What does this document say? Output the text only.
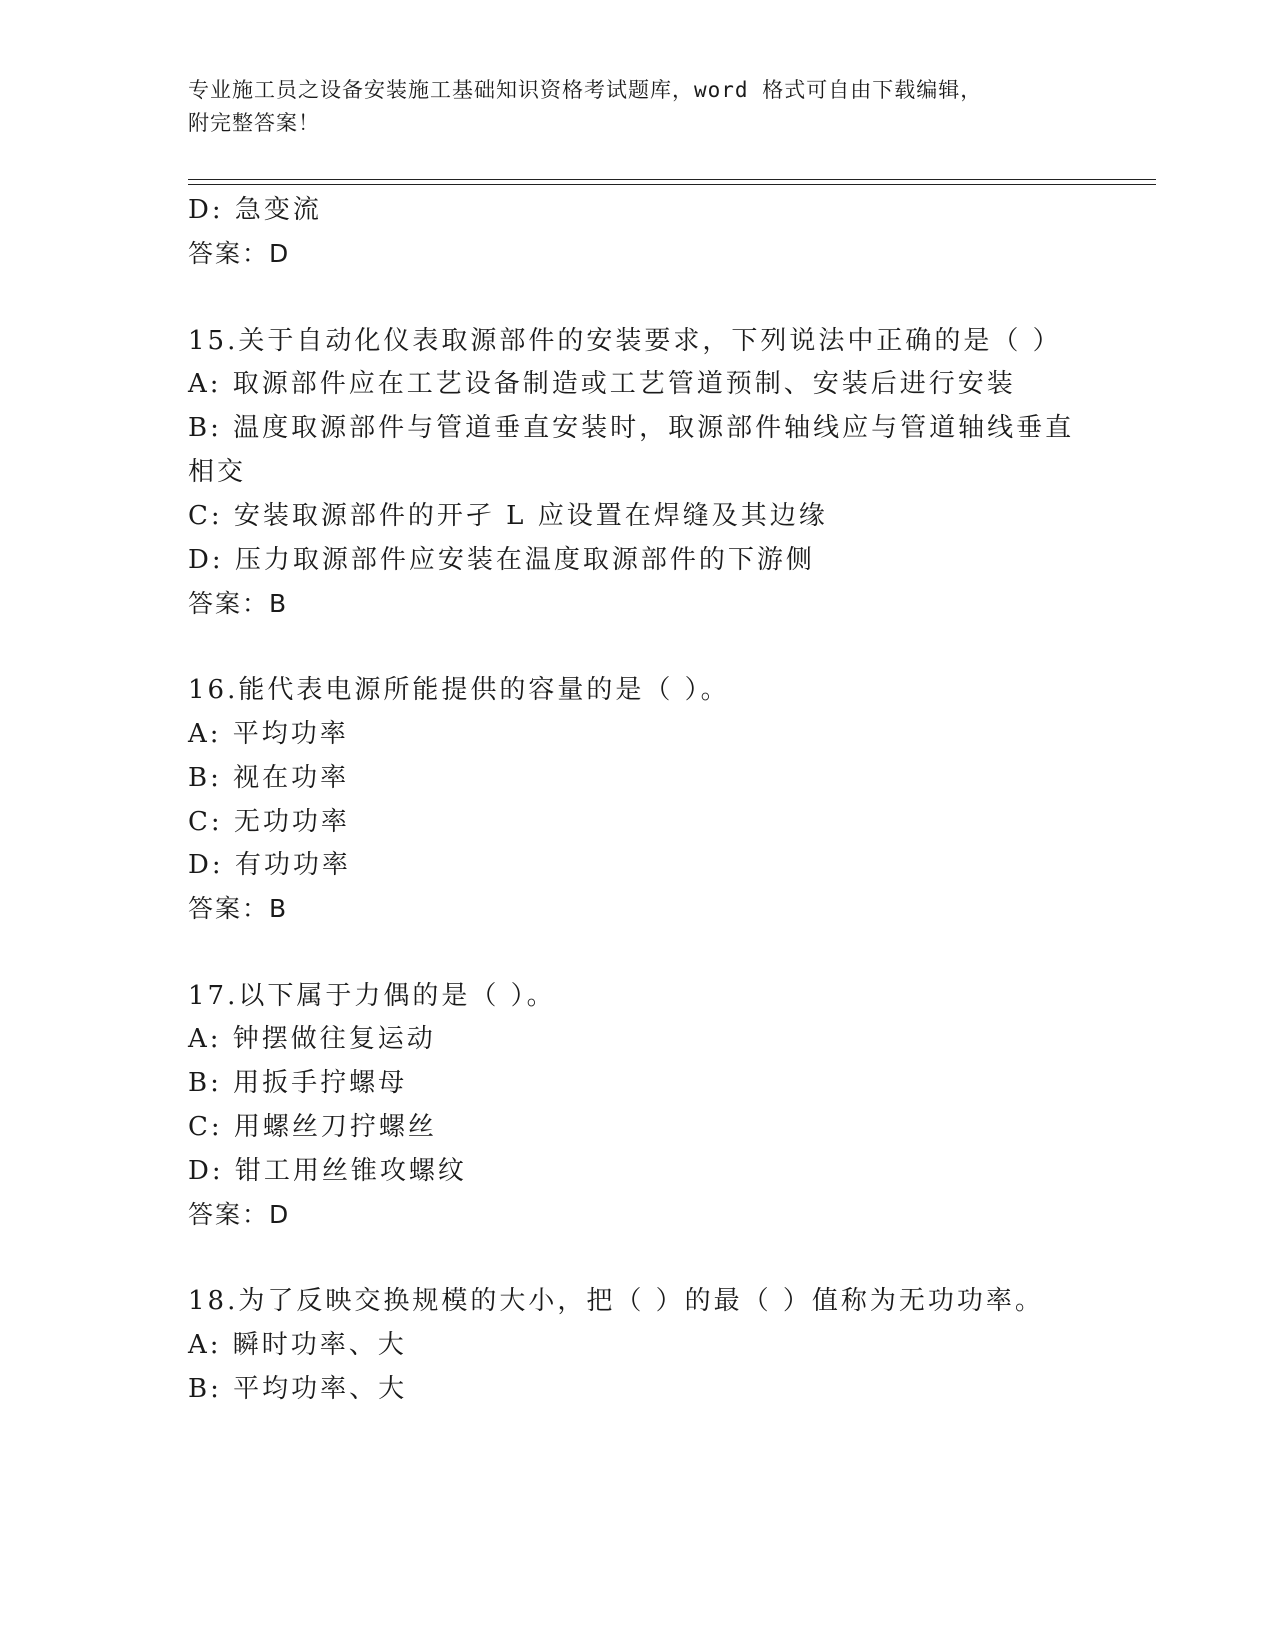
专业施工员之设备安装施工基础知识资格考试题库，word 格式可自由下载编辑，
附完整答案！
D: 急变流
答案：D
15.关于自动化仪表取源部件的安装要求，下列说法中正确的是（ ）
A: 取源部件应在工艺设备制造或工艺管道预制、安装后进行安装
B: 温度取源部件与管道垂直安装时，取源部件轴线应与管道轴线垂直
相交
C: 安装取源部件的开孑 L 应设置在焊缝及其边缘
D: 压力取源部件应安装在温度取源部件的下游侧
答案：B
16.能代表电源所能提供的容量的是（ ）。
A: 平均功率
B: 视在功率
C: 无功功率
D: 有功功率
答案：B
17.以下属于力偶的是（ ）。
A: 钟摆做往复运动
B: 用扳手拧螺母
C: 用螺丝刀拧螺丝
D: 钳工用丝锥攻螺纹
答案：D
18.为了反映交换规模的大小，把（ ）的最（ ）值称为无功功率。
A: 瞬时功率、大
B: 平均功率、大
